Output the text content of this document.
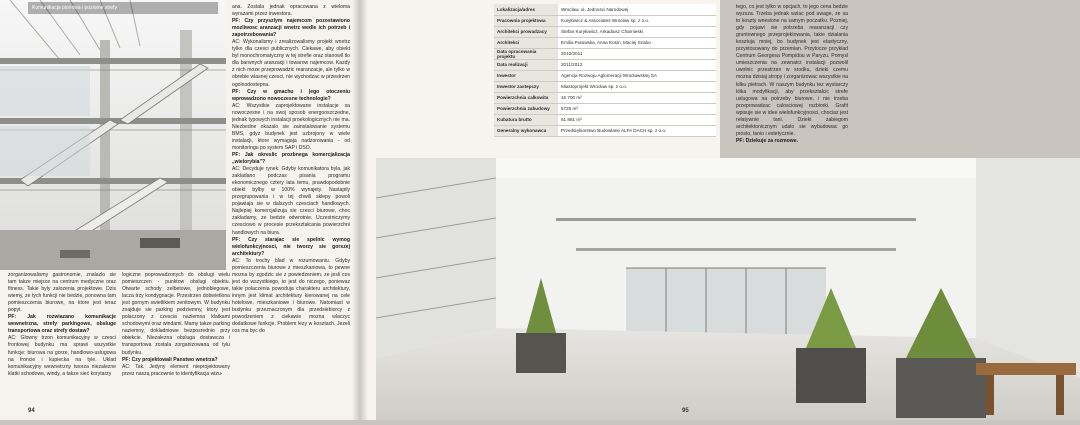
Komunikacja pionowa i poziome strefy	ana. Zostala jednak opracowana z wieloma wyrazami przez inwestora.

PF: Czy przyszlym najemcom pozostawiono mozliwosc aranzacji wnetrz wedle ich potrzeb i zapotrzebowania?

AC: Wykonalismy i zrealizowalismy projekt wnetrz tylko dla czesci publicznych. Ciekawe, aby obiekt byl monochromatyczny w tej strefie oraz stanowil tlo dla barwnych aranzacji i towarow najemcow. Kazdy z nich moze przeprowadzic rearanzacje, ale tylko w obrebie wlasnej czesci, nie wychodzac w przestrzen ogolnodostepna.

PF: Czy w gmachu i jego otoczeniu wprowadzono nowoczesne technologie?

AC: Wszystkie zaprojektowane instalacje sa nowoczesne i na swoj sposob energooszczedne, jednak typowych instalacji proekologicznych nie ma. Niezbedne okazalo sie zainstalowanie systemu BMS, gdyz budynek jest uzbrojony w wiele instalacji, ktore wymagaja nadzorowania - od monitoringu po system SAP i DSO.

PF: Jak okreslic prozbnega komercjalizacja „wielorybia”?

AC: Decyduje rynek. Gdyby komunikatora byla, jak zakladano podczas pisania programu ekonomicznego cztery lata temu, prawdopodobnie obiekt bylby w 100% wynajety. Nastapily przegrupowania i w tej chwili sklepy powoli pojawiaja sie w dalszych czesciach handlowych. Najlepiej komercjalizuja sie czesci biurowe, choc zakladamy, ze bedzie odwrotnie. Uczestniczymy czesciowo w procesie przekształcania powierzchni handlowych na biura.

PF: Czy starajac sie spelnic wymog wielofunkcyjnosci, nie tworzy sie gorszej architektury?

AC: To trochy blad w rozumowaniu. Gdyby pomieszczenia biurowe z mieszkaniowa, to pewne mozna by zgodzic sie z powiedzeniem, ze jesli cos jest do wszystkiego, to jest do niczego, poniewaz takie polaczenia powoduja charakteru architektury, innym jest klimat architektury kierowanej na cele hotelowe, mieszkaniowe i biurowe. Natomiast w budynku przeznaczonym dla przedsiebiorcy z powodzeniem z ciekawie mozna wlaczyc dodatkowe funkcje. Problem lezy w kosztach. Jezeli cos ma byc do

zorganizowalismy gastronomie, znalazlo sie tam takze miejsce na centrum medyczne oraz fitness. Takie byly zalozenia projektowe. Dzis wiemy, ze tych funkcji nie bedzie, ponowna tam pomieszczenia biurowe, na ktore jest teraz popyt.

PF: Jak rozwiazano komunikacje wewnetrzna, strefy parkingowe, obsluge transportowa oraz strefy dostaw?

AC: Glowny trzon komunikacyjny w czesci frontowej budynku ma sprawi wszystkie funkcje: biurowa na gorze, handlowo-uslugowa na froncie i kupiecka na tyle. Uklad komunikacyjny wewnetrzny tworza niezalezne klatki schodowe, windy, a takze sieć korytarzy

logiczne poprowadzonych do obslugi wielu pomieszczen - punktow obslugi obiektu. Otwarte schody zelbetowe, jednobiegowe, lacza trzy kondygnacje. Przestrzen dobwietlona jest gornym swietlikiem zenitowym. W budynku znajduje sie parking podziemny, ktory jest polaczony z czescia naziemna klatkami schodowymi oraz windami. Mamy takze parking naziemny, dokladniowe bezposrednio przy obiekcie. Niezalezna obsluga dostawcza i transportowa zostala zorganizowana od tylu budynku.

PF: Czy projektowali Panstwo wnetrza?

AC: Tak. Jedyny element nieprojektowany przez naszą pracownie to identyfikacja wizu-

94

tego, co jest tylko w opcjach, to jego cena bedzie wyzsza. Trzeba jednak wziac pod uwage, ze sa to koszty wnesione na samym poczatku. Pozniej, gdy pojawi sie potrzeba rearanzacji czy gruntownego przeprojektowania, takie dzialania kosztuja mniej, bo budynek jest elastyczny, przystosowany do przemian. Przytocze przyklad Centrum Georgesa Pompidou w Paryzu. Pomysl umieszczenia na zewnatrz instalacji pozwolil uwolnic przestrzen w srodku, dzieki czemu mozna dzisiaj stropy i zorganizowac wszystkie na kilku pietrach. W naszym budynku tez wystarczy klika modyfikacji, aby przekształcic strefe uslugowa na potrzeby biurowe, i nie trzeba przeprowadzac calosciowej rozbiorki. Grafit wpisuje sie w idee wielofunkcyjnosci, chociaz jest relatywnie tani. Dzieki zabiegom architektonicznym udalo sie wybudowac go prosto, tanio i estetycznie.

PF: Dziekuje za rozmowe.

Lokalizacja/adres	Wroclaw, ul. Jednosci Narodowej
Pracownia projektowa	Kuryłowicz & Associates Wrocław sp. z o.o.
Architekci prowadzacy	Stefan Kuryłowicz, Arkadiusz Charnieski
Architekci	Emilia Putowska, Anna Kosin, Maciej Szabo
Data opracowania projektu	2010/2011
Data realizacji	2011/2012
Inwestor	Agencja Rozwoju Aglomeracji Wrocławskiej SA
Inwestor zastepczy	Miastoprojekt Wrocław sp. z o.o.
Powierzchnia calkowita	16 700 m²
Powierzchnia zabudowy	5725 m²
Kubatura brutto	61 881 m³
Generalny wykonawca	Przedsiębiorstwo Budowlane ALFA DACH sp. z o.o.
95
